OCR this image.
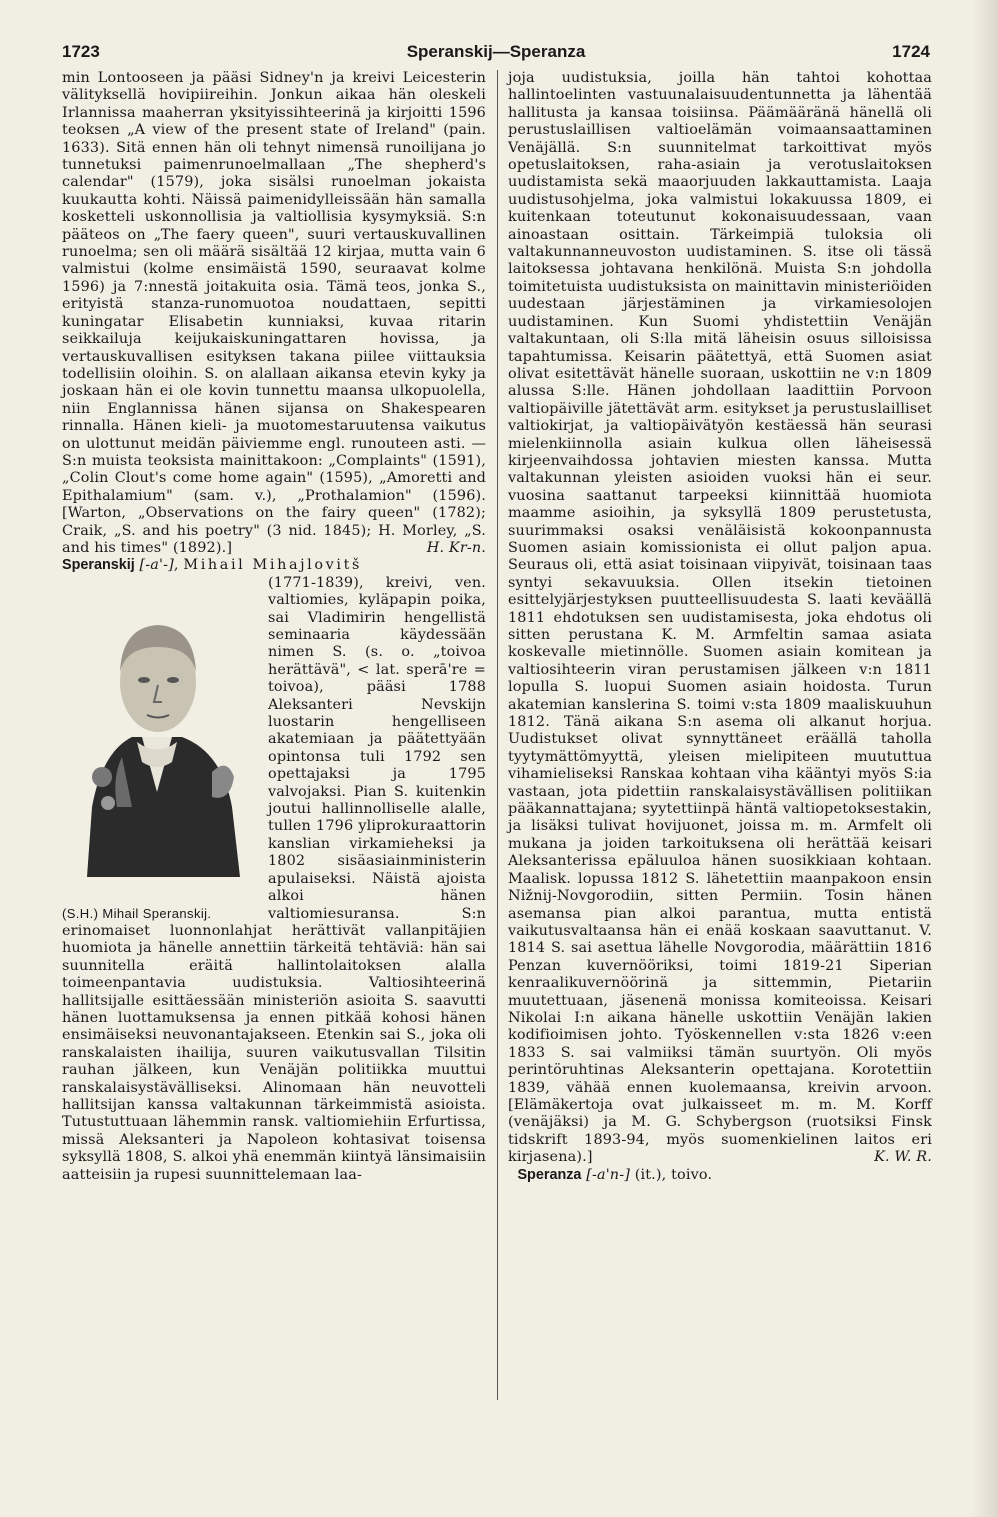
1723	Speranskij—Speranza	1724

min Lontooseen ja pääsi Sidney'n ja kreivi Leicesterin välityksellä hovipiireihin. Jonkun aikaa hän oleskeli Irlannissa maaherran yksityissihteerinä ja kirjoitti 1596 teoksen „A view of the present state of Ireland" (pain. 1633). Sitä ennen hän oli tehnyt nimensä runoilijana jo tunnetuksi paimenrunoelmallaan „The shepherd's calendar" (1579), joka sisälsi runoelman jokaista kuukautta kohti. Näissä paimenidylleissään hän samalla kosketteli uskonnollisia ja valtiollisia kysymyksiä. S:n pääteos on „The faery queen", suuri vertauskuvallinen runoelma; sen oli määrä sisältää 12 kirjaa, mutta vain 6 valmistui (kolme ensimäistä 1590, seuraavat kolme 1596) ja 7:nnestä joitakuita osia. Tämä teos, jonka S., erityistä stanza-runomuotoa noudattaen, sepitti kuningatar Elisabetin kunniaksi, kuvaa ritarin seikkailuja keijukaiskuningattaren hovissa, ja vertauskuvallisen esityksen takana piilee viittauksia todellisiin oloihin. S. on alallaan aikansa etevin kyky ja joskaan hän ei ole kovin tunnettu maansa ulkopuolella, niin Englannissa hänen sijansa on Shakespearen rinnalla. Hänen kieli- ja muotomestaruutensa vaikutus on ulottunut meidän päiviemme engl. runouteen asti. — S:n muista teoksista mainittakoon: „Complaints" (1591), „Colin Clout's come home again" (1595), „Amoretti and Epithalamium" (sam. v.), „Prothalamion" (1596). [Warton, „Observations on the fairy queen" (1782); Craik, „S. and his poetry" (3 nid. 1845); H. Morley, „S. and his times" (1892).]	H. Kr-n.

Speranskij [-a'-], Mihail Mihajlovitš

(S.H.) Mihail Speranskij.

(1771-1839), kreivi, ven. valtiomies, kyläpapin poika, sai Vladimirin hengellistä seminaaria käydessään nimen S. (s. o. „toivoa herättävä", < lat. sperā're = toivoa), pääsi 1788 Aleksanteri Nevskijn luostarin hengelliseen akatemiaan ja päätettyään opintonsa tuli 1792 sen opettajaksi ja 1795 valvojaksi. Pian S. kuitenkin joutui hallinnolliselle alalle, tullen 1796 yliprokuraattorin kanslian virkamieheksi ja 1802 sisäasiainministerin apulaiseksi. Näistä ajoista alkoi hänen valtiomiesuransa. S:n erinomaiset luonnonlahjat herättivät vallanpitäjien huomiota ja hänelle annettiin tärkeitä tehtäviä: hän sai suunnitella eräitä hallintolaitoksen alalla toimeenpantavia uudistuksia. Valtiosihteerinä hallitsijalle esittäessään ministeriön asioita S. saavutti hänen luottamuksensa ja ennen pitkää kohosi hänen ensimäiseksi neuvonantajakseen. Etenkin sai S., joka oli ranskalaisten ihailija, suuren vaikutusvallan Tilsitin rauhan jälkeen, kun Venäjän politiikka muuttui ranskalaisystävälliseksi. Alinomaan hän neuvotteli hallitsijan kanssa valtakunnan tärkeimmistä asioista. Tutustuttuaan lähemmin ransk. valtiomiehiin Erfurtissa, missä Aleksanteri ja Napoleon kohtasivat toisensa syksyllä 1808, S. alkoi yhä enemmän kiintyä länsimaisiin aatteisiin ja rupesi suunnittelemaan laa-

joja uudistuksia, joilla hän tahtoi kohottaa hallintoelinten vastuunalaisuudentunnetta ja lähentää hallitusta ja kansaa toisiinsa. Päämääränä hänellä oli perustuslaillisen valtioelämän voimaansaattaminen Venäjällä. S:n suunnitelmat tarkoittivat myös opetuslaitoksen, raha-asiain ja verotuslaitoksen uudistamista sekä maaorjuuden lakkauttamista. Laaja uudistusohjelma, joka valmistui lokakuussa 1809, ei kuitenkaan toteutunut kokonaisuudessaan, vaan ainoastaan osittain. Tärkeimpiä tuloksia oli valtakunnanneuvoston uudistaminen. S. itse oli tässä laitoksessa johtavana henkilönä. Muista S:n johdolla toimitetuista uudistuksista on mainittavin ministeriöiden uudestaan järjestäminen ja virkamiesolojen uudistaminen. Kun Suomi yhdistettiin Venäjän valtakuntaan, oli S:lla mitä läheisin osuus silloisissa tapahtumissa. Keisarin päätettyä, että Suomen asiat olivat esitettävät hänelle suoraan, uskottiin ne v:n 1809 alussa S:lle. Hänen johdollaan laadittiin Porvoon valtiopäiville jätettävät arm. esitykset ja perustuslailliset valtiokirjat, ja valtiopäivätyön kestäessä hän seurasi mielenkiinnolla asiain kulkua ollen läheisessä kirjeenvaihdossa johtavien miesten kanssa. Mutta valtakunnan yleisten asioiden vuoksi hän ei seur. vuosina saattanut tarpeeksi kiinnittää huomiota maamme asioihin, ja syksyllä 1809 perustetusta, suurimmaksi osaksi venäläisistä kokoonpannusta Suomen asiain komissionista ei ollut paljon apua. Seuraus oli, että asiat toisinaan viipyivät, toisinaan taas syntyi sekavuuksia. Ollen itsekin tietoinen esittelyjärjestyksen puutteellisuudesta S. laati keväällä 1811 ehdotuksen sen uudistamisesta, joka ehdotus oli sitten perustana K. M. Armfeltin samaa asiata koskevalle mietinnölle. Suomen asiain komitean ja valtiosihteerin viran perustamisen jälkeen v:n 1811 lopulla S. luopui Suomen asiain hoidosta. Turun akatemian kanslerina S. toimi v:sta 1809 maaliskuuhun 1812. Tänä aikana S:n asema oli alkanut horjua. Uudistukset olivat synnyttäneet eräällä taholla tyytymättömyyttä, yleisen mielipiteen muututtua vihamieliseksi Ranskaa kohtaan viha kääntyi myös S:ia vastaan, jota pidettiin ranskalaisystävällisen politiikan pääkannattajana; syytettiinpä häntä valtiopetoksestakin, ja lisäksi tulivat hovijuonet, joissa m. m. Armfelt oli mukana ja joiden tarkoituksena oli herättää keisari Aleksanterissa epäluuloa hänen suosikkiaan kohtaan. Maalisk. lopussa 1812 S. lähetettiin maanpakoon ensin Nižnij-Novgorodiin, sitten Permiin. Tosin hänen asemansa pian alkoi parantua, mutta entistä vaikutusvaltaansa hän ei enää koskaan saavuttanut. V. 1814 S. sai asettua lähelle Novgorodia, määrättiin 1816 Penzan kuvernööriksi, toimi 1819-21 Siperian kenraalikuvernöörinä ja sittemmin, Pietariin muutettuaan, jäsenenä monissa komiteoissa. Keisari Nikolai I:n aikana hänelle uskottiin Venäjän lakien kodifioimisen johto. Työskennellen v:sta 1826 v:een 1833 S. sai valmiiksi tämän suurtyön. Oli myös perintöruhtinas Aleksanterin opettajana. Korotettiin 1839, vähää ennen kuolemaansa, kreivin arvoon. [Elämäkertoja ovat julkaisseet m. m. M. Korff (venäjäksi) ja M. G. Schybergson (ruotsiksi Finsk tidskrift 1893-94, myös suomenkielinen laitos eri kirjasena).]	K. W. R.

Speranza [-a'n-] (it.), toivo.
